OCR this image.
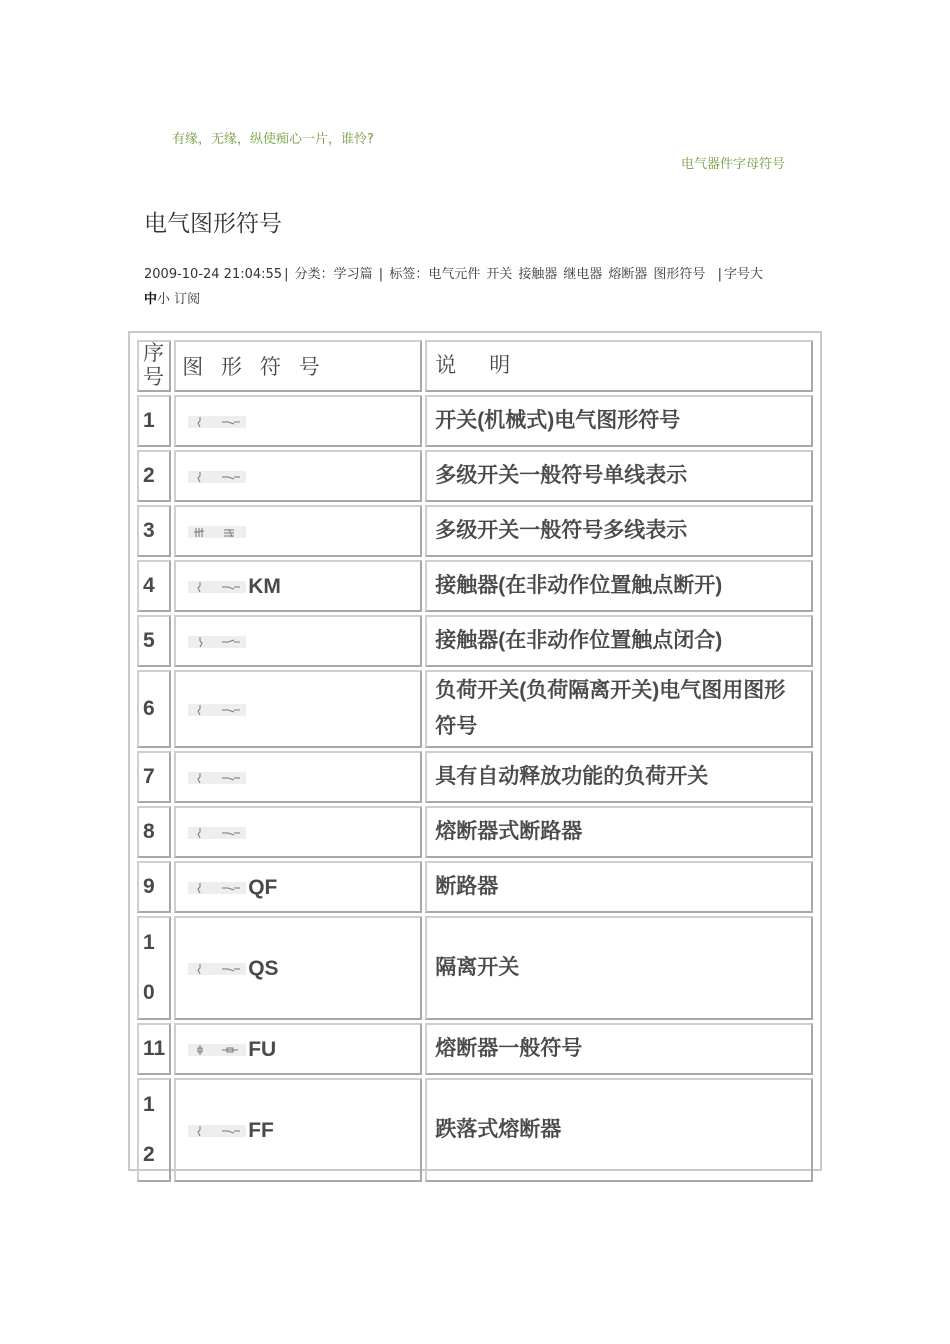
有缘，无缘，纵使痴心一片，谁怜?
电气器件字母符号
电气图形符号
2009-10-24 21:04:55 | 分类：学习篇 | 标签：电气元件 开关 接触器 继电器 熔断器 图形符号 | 字号大
中小 订阅
序号	图 形 符 号	说　明
1		开关(机械式)电气图形符号
2		多级开关一般符号单线表示
3		多级开关一般符号多线表示
4	KM	接触器(在非动作位置触点断开)
5		接触器(在非动作位置触点闭合)
6		负荷开关(负荷隔离开关)电气图用图形符号
7		具有自动释放功能的负荷开关
8		熔断器式断路器
9	QF	断路器
10	QS	隔离开关
11	FU	熔断器一般符号
12	FF	跌落式熔断器
